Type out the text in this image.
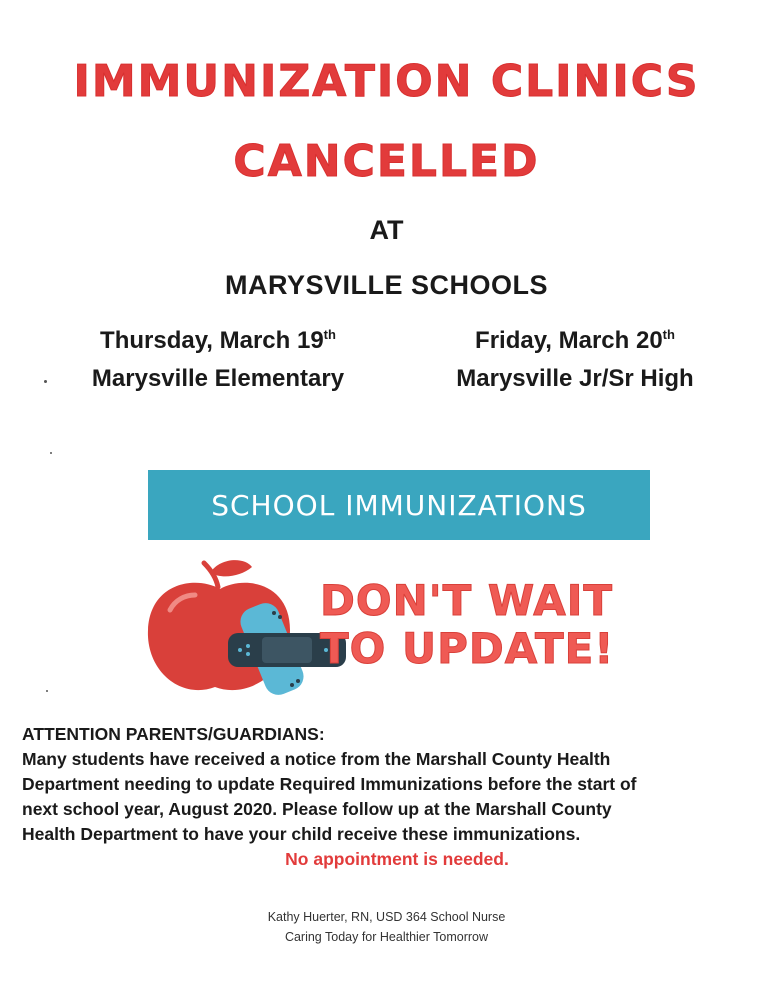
IMMUNIZATION CLINICS
CANCELLED
AT
MARYSVILLE SCHOOLS
Thursday, March 19th
Marysville Elementary
Friday, March 20th
Marysville Jr/Sr High
SCHOOL IMMUNIZATIONS
DON'T WAIT
TO UPDATE!
ATTENTION PARENTS/GUARDIANS:
Many students have received a notice from the Marshall County Health
Department needing to update Required Immunizations before the start of
next school year, August 2020. Please follow up at the Marshall County
Health Department to have your child receive these immunizations.
No appointment is needed.
Kathy Huerter, RN, USD 364 School Nurse
Caring Today for Healthier Tomorrow
